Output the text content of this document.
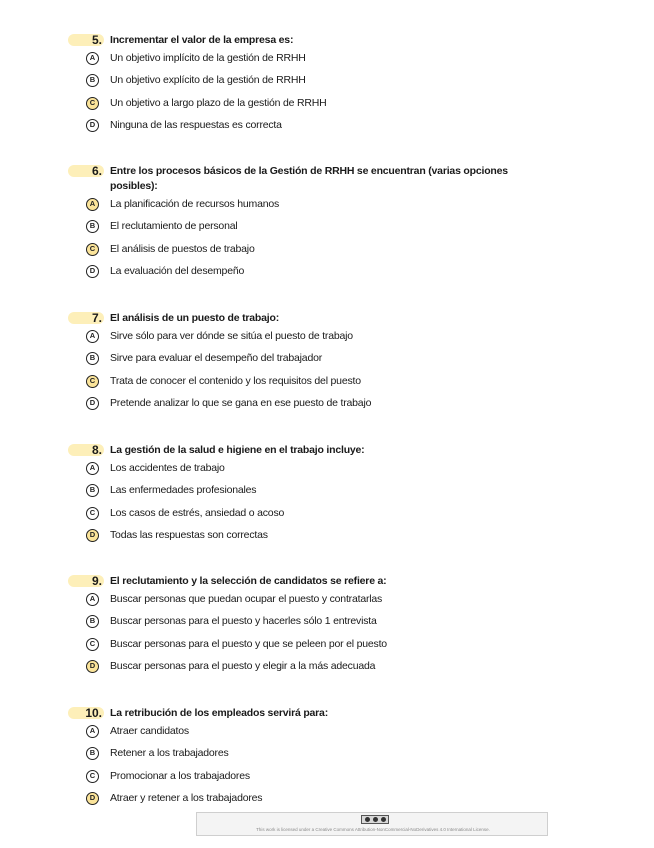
5. Incrementar el valor de la empresa es:
A	Un objetivo implícito de la gestión de RRHH
B	Un objetivo explícito de la gestión de RRHH
C	Un objetivo a largo plazo de la gestión de RRHH
D	Ninguna de las respuestas es correcta
6. Entre los procesos básicos de la Gestión de RRHH se encuentran (varias opciones posibles):
A	La planificación de recursos humanos
B	El reclutamiento de personal
C	El análisis de puestos de trabajo
D	La evaluación del desempeño
7. El análisis de un puesto de trabajo:
A	Sirve sólo para ver dónde se sitúa el puesto de trabajo
B	Sirve para evaluar el desempeño del trabajador
C	Trata de conocer el contenido y los requisitos del puesto
D	Pretende analizar lo que se gana en ese puesto de trabajo
8. La gestión de la salud e higiene en el trabajo incluye:
A	Los accidentes de trabajo
B	Las enfermedades profesionales
C	Los casos de estrés, ansiedad o acoso
D	Todas las respuestas son correctas
9. El reclutamiento y la selección de candidatos se refiere a:
A	Buscar personas que puedan ocupar el puesto y contratarlas
B	Buscar personas para el puesto y hacerles sólo 1 entrevista
C	Buscar personas para el puesto y que se peleen por el puesto
D	Buscar personas para el puesto y elegir a la más adecuada
10. La retribución de los empleados servirá para:
A	Atraer candidatos
B	Retener a los trabajadores
C	Promocionar a los trabajadores
D	Atraer y retener a los trabajadores
This work is licensed under a Creative Commons Attribution-NonCommercial-NoDerivatives 4.0 International License.
